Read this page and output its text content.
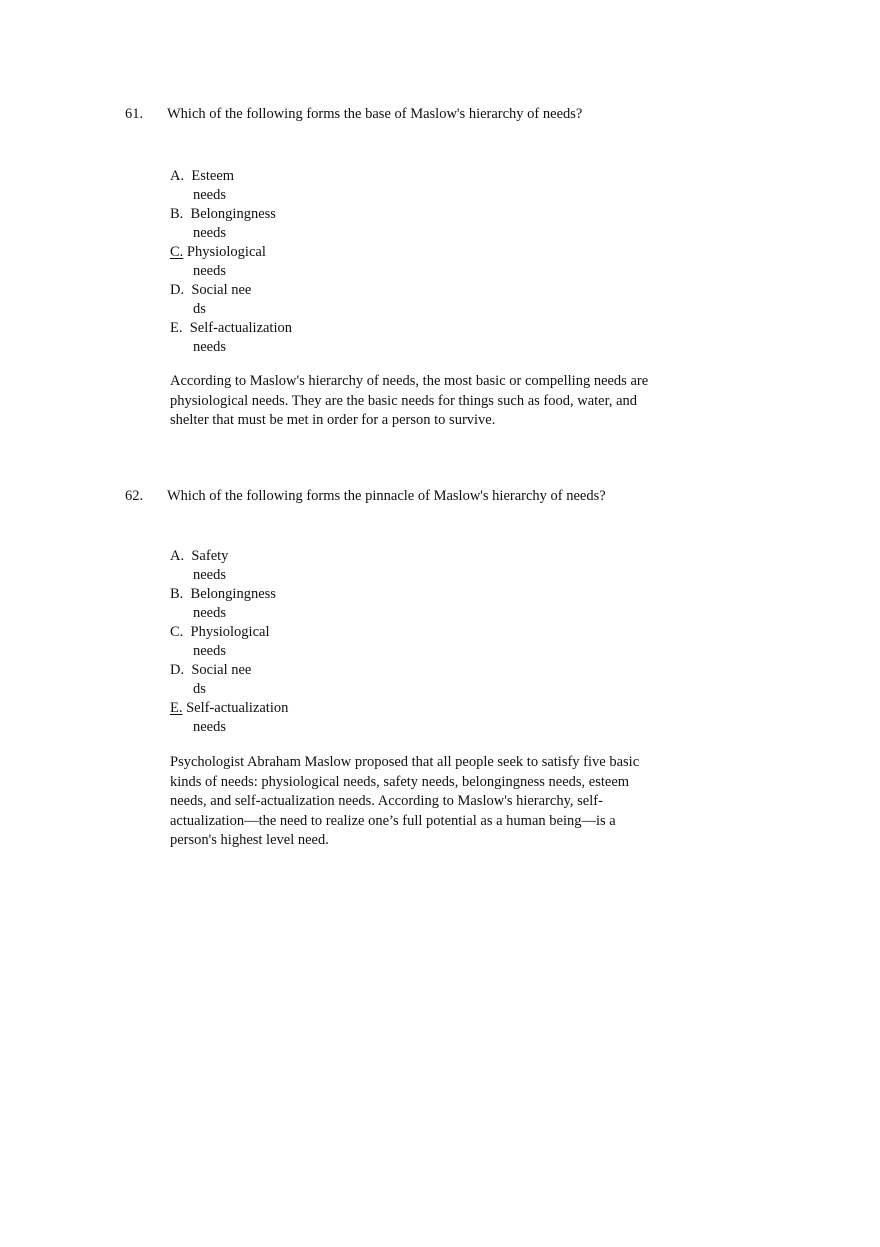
61. Which of the following forms the base of Maslow's hierarchy of needs?
A. Esteem
needs
B. Belongingness
needs
C. Physiological
needs
D. Social nee
ds
E. Self-actualization
needs

According to Maslow's hierarchy of needs, the most basic or compelling needs are physiological needs. They are the basic needs for things such as food, water, and shelter that must be met in order for a person to survive.

62. Which of the following forms the pinnacle of Maslow's hierarchy of needs?
A. Safety
needs
B. Belongingness
needs
C. Physiological
needs
D. Social nee
ds
E. Self-actualization
needs

Psychologist Abraham Maslow proposed that all people seek to satisfy five basic kinds of needs: physiological needs, safety needs, belongingness needs, esteem needs, and self-actualization needs. According to Maslow's hierarchy, self-actualization—the need to realize one’s full potential as a human being—is a person's highest level need.
